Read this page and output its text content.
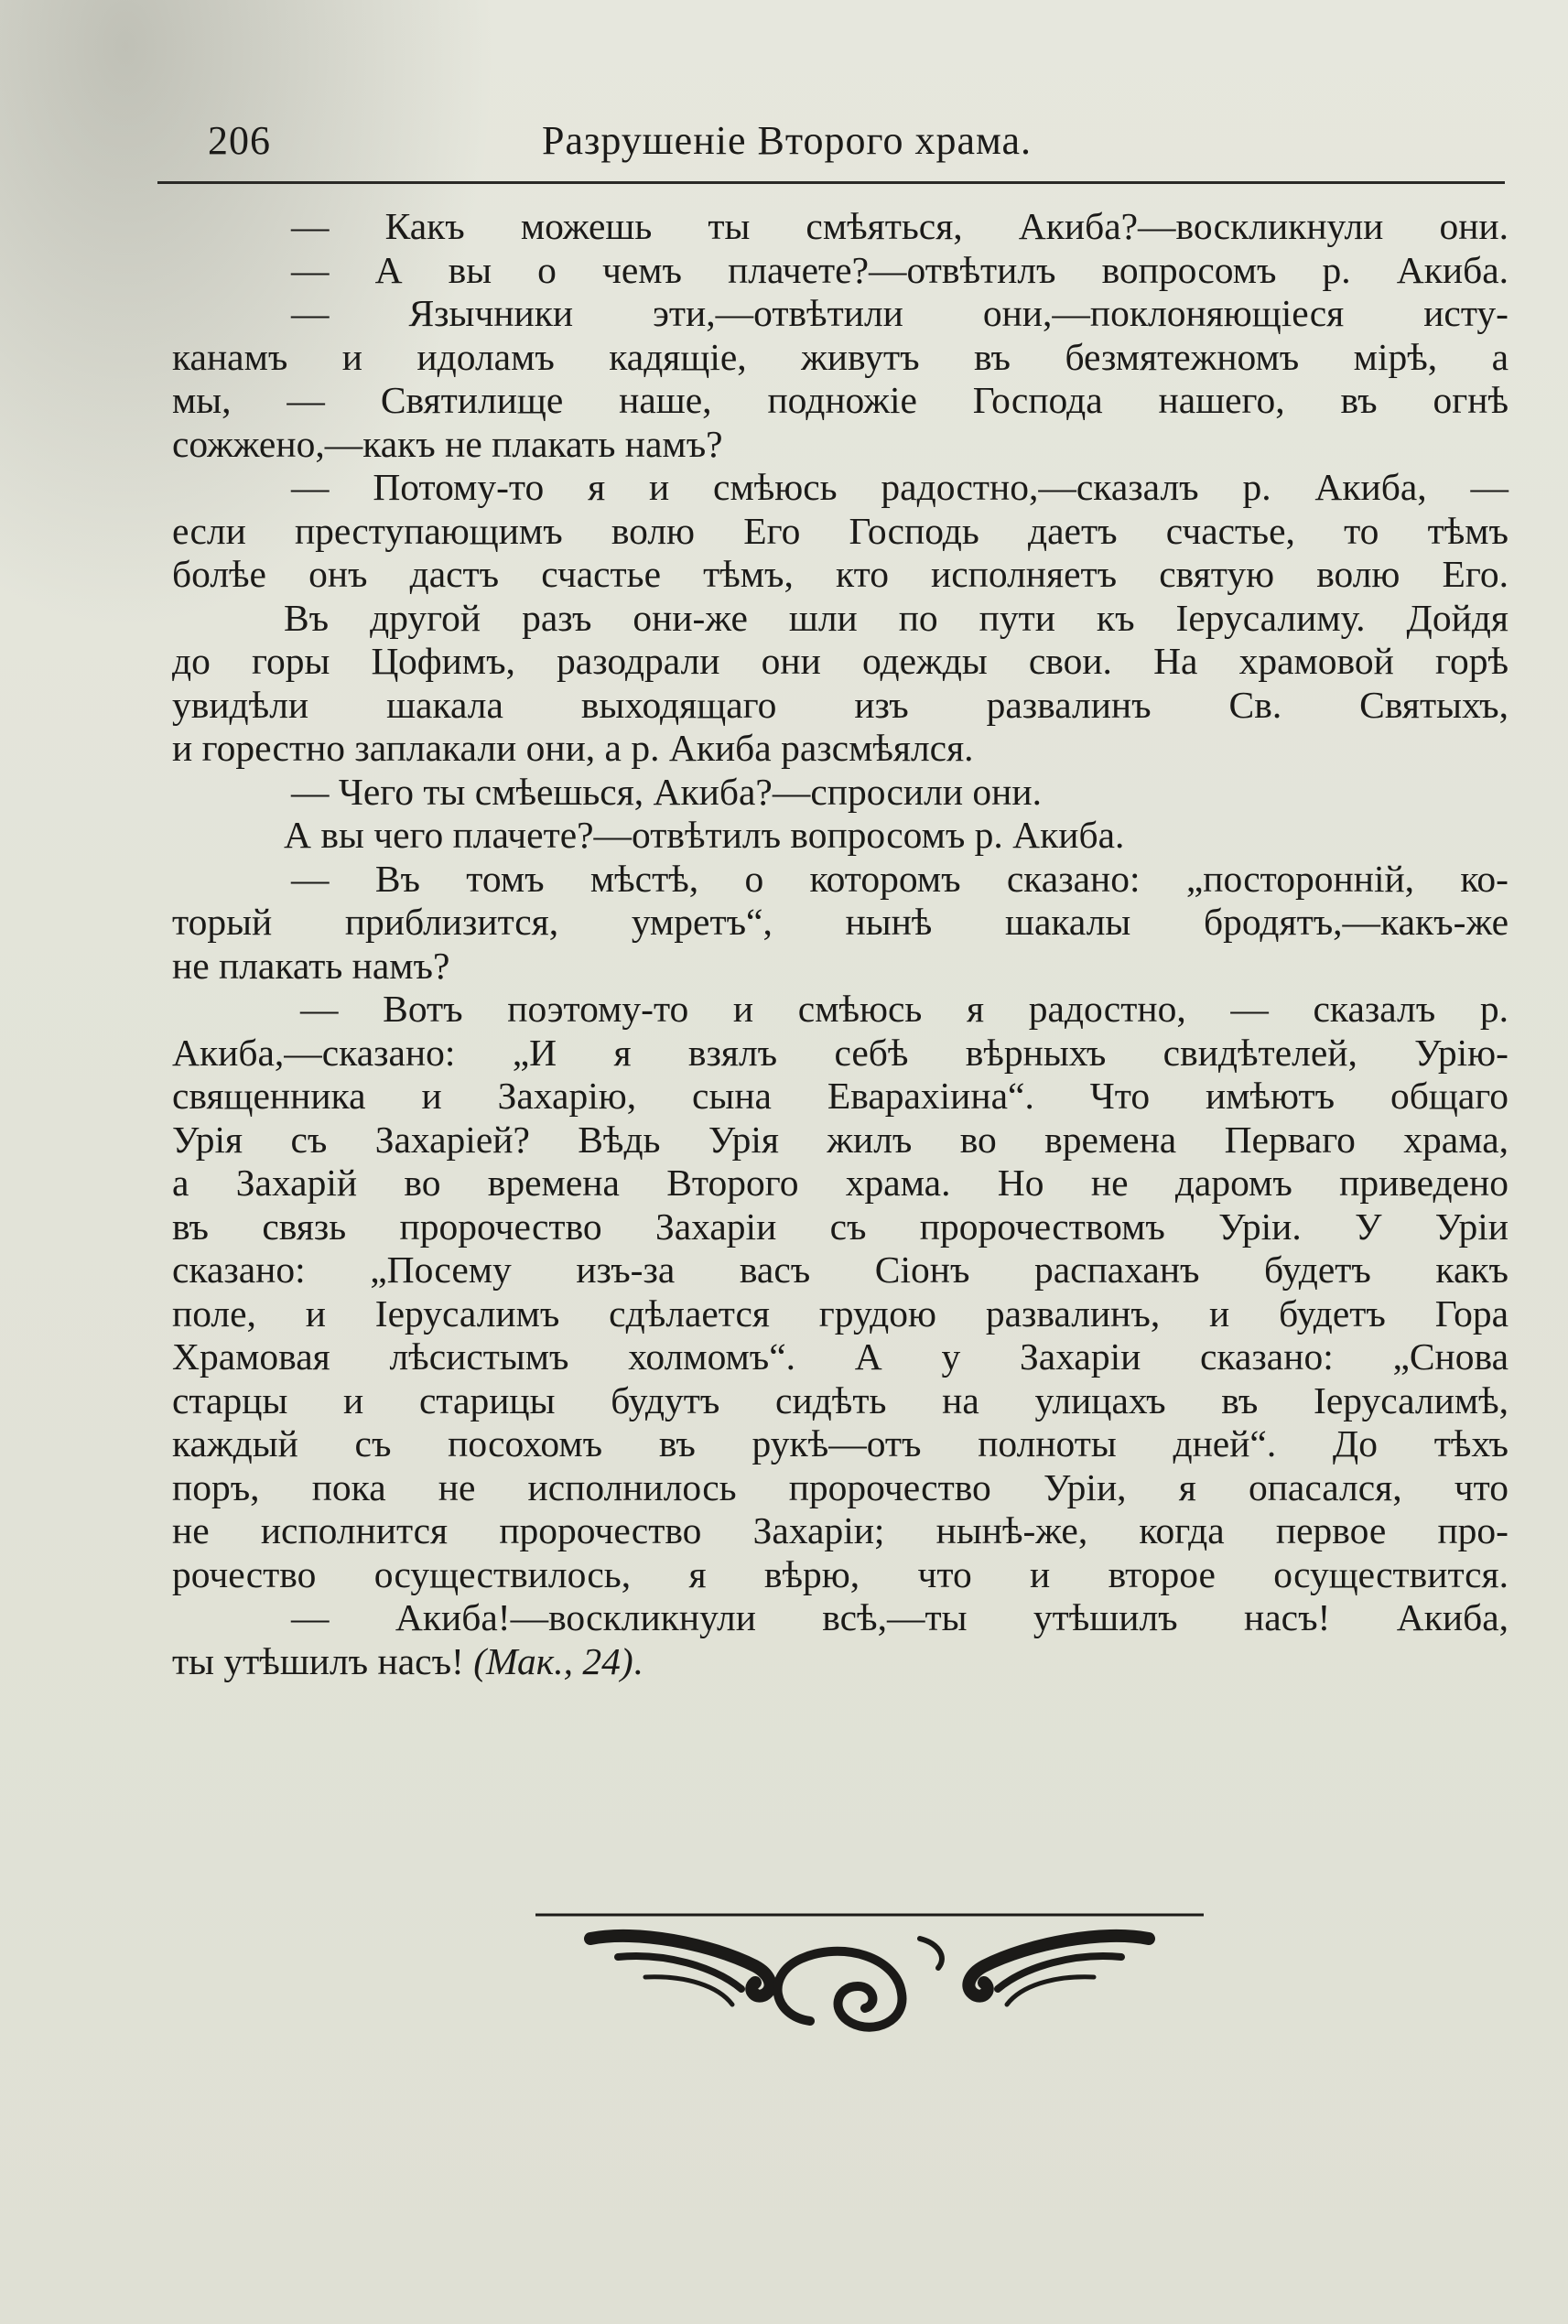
206	Разрушеніе Второго храма.
— Какъ можешь ты смѣяться, Акиба?—воскликнули они.
— А вы о чемъ плачете?—отвѣтилъ вопросомъ р. Акиба.
— Язычники эти,—отвѣтили они,—поклоняющіеся исту-
канамъ и идоламъ кадящіе, живутъ въ безмятежномъ мірѣ, а
мы, — Святилище наше, подножіе Господа нашего, въ огнѣ
сожжено,—какъ не плакать намъ?
— Потому-то я и смѣюсь радостно,—сказалъ р. Акиба, —
если преступающимъ волю Его Господь даетъ счастье, то тѣмъ
болѣе онъ дастъ счастье тѣмъ, кто исполняетъ святую волю Его.
Въ другой разъ они-же шли по пути къ Іерусалиму. Дойдя
до горы Цофимъ, разодрали они одежды свои. На храмовой горѣ
увидѣли шакала выходящаго изъ развалинъ Св. Святыхъ,
и горестно заплакали они, а р. Акиба разсмѣялся.
— Чего ты смѣешься, Акиба?—спросили они.
А вы чего плачете?—отвѣтилъ вопросомъ р. Акиба.
— Въ томъ мѣстѣ, о которомъ сказано: „посторонній, ко-
торый приблизится, умретъ“, нынѣ шакалы бродятъ,—какъ-же
не плакать намъ?
— Вотъ поэтому-то и смѣюсь я радостно, — сказалъ р.
Акиба,—сказано: „И я взялъ себѣ вѣрныхъ свидѣтелей, Урію-
священника и Захарію, сына Еварахіина“. Что имѣютъ общаго
Урія съ Захаріей? Вѣдь Урія жилъ во времена Перваго храма,
а Захарій во времена Второго храма. Но не даромъ приведено
въ связь пророчество Захаріи съ пророчествомъ Уріи. У Уріи
сказано: „Посему изъ-за васъ Сіонъ распаханъ будетъ какъ
поле, и Іерусалимъ сдѣлается грудою развалинъ, и будетъ Гора
Храмовая лѣсистымъ холмомъ“. А у Захаріи сказано: „Снова
старцы и старицы будутъ сидѣть на улицахъ въ Іерусалимѣ,
каждый съ посохомъ въ рукѣ—отъ полноты дней“. До тѣхъ
поръ, пока не исполнилось пророчество Уріи, я опасался, что
не исполнится пророчество Захаріи; нынѣ-же, когда первое про-
рочество осуществилось, я вѣрю, что и второе осуществится.
— Акиба!—воскликнули всѣ,—ты утѣшилъ насъ! Акиба,
ты утѣшилъ насъ! (Мак., 24).
